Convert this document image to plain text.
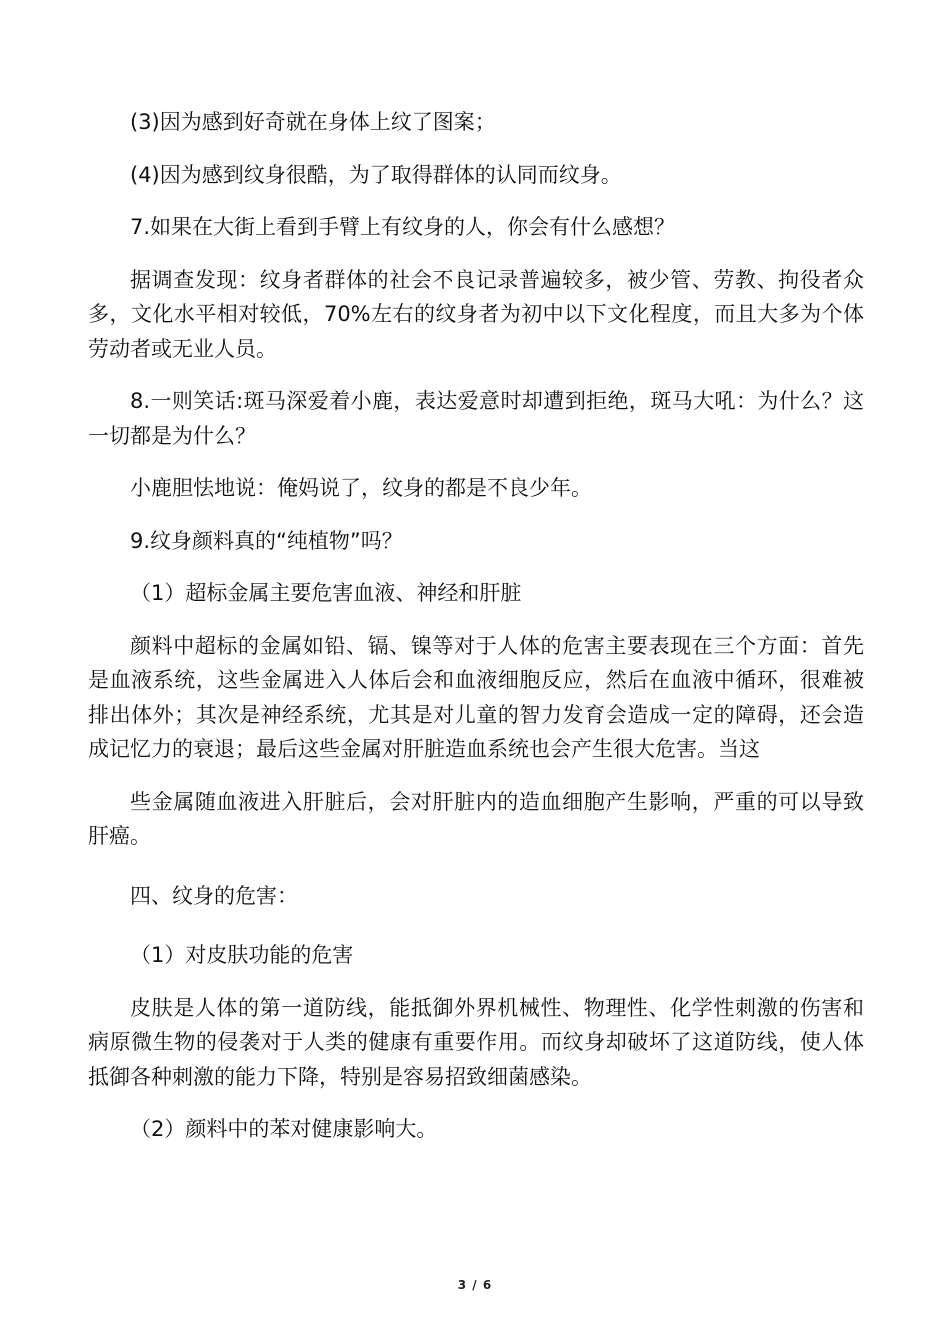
(3)因为感到好奇就在身体上纹了图案；

(4)因为感到纹身很酷，为了取得群体的认同而纹身。

7.如果在大街上看到手臂上有纹身的人，你会有什么感想？

据调查发现：纹身者群体的社会不良记录普遍较多，被少管、劳教、拘役者众多，文化水平相对较低，70%左右的纹身者为初中以下文化程度，而且大多为个体劳动者或无业人员。

8.一则笑话:斑马深爱着小鹿，表达爱意时却遭到拒绝，斑马大吼：为什么？这一切都是为什么？

小鹿胆怯地说：俺妈说了，纹身的都是不良少年。

9.纹身颜料真的“纯植物”吗？

（1）超标金属主要危害血液、神经和肝脏

颜料中超标的金属如铅、镉、镍等对于人体的危害主要表现在三个方面：首先是血液系统，这些金属进入人体后会和血液细胞反应，然后在血液中循环，很难被排出体外；其次是神经系统，尤其是对儿童的智力发育会造成一定的障碍，还会造成记忆力的衰退；最后这些金属对肝脏造血系统也会产生很大危害。当这

些金属随血液进入肝脏后，会对肝脏内的造血细胞产生影响，严重的可以导致肝癌。

四、纹身的危害：

（1）对皮肤功能的危害

皮肤是人体的第一道防线，能抵御外界机械性、物理性、化学性刺激的伤害和病原微生物的侵袭对于人类的健康有重要作用。而纹身却破坏了这道防线，使人体抵御各种刺激的能力下降，特别是容易招致细菌感染。

（2）颜料中的苯对健康影响大。

3 / 6
